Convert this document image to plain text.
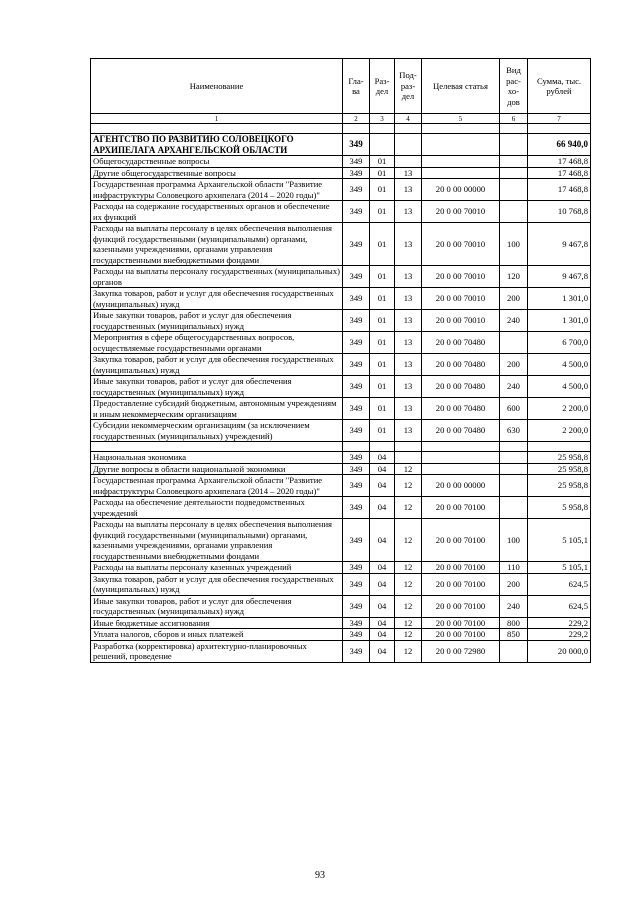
Наименование	Гла-ва	Раз-дел	Под-раз-дел	Целевая статья	Вид рас-хо-дов	Сумма, тыс. рублей
1	2	3	4	5	6	7

АГЕНТСТВО ПО РАЗВИТИЮ СОЛОВЕЦКОГО АРХИПЕЛАГА АРХАНГЕЛЬСКОЙ ОБЛАСТИ	349					66 940,0
Общегосударственные вопросы	349	01				17 468,8
Другие общегосударственные вопросы	349	01	13			17 468,8
Государственная программа Архангельской области "Развитие инфраструктуры Соловецкого архипелага (2014 – 2020 годы)"	349	01	13	20 0 00 00000		17 468,8
Расходы на содержание государственных органов и обеспечение их функций	349	01	13	20 0 00 70010		10 768,8
Расходы на выплаты персоналу в целях обеспечения выполнения функций государственными (муниципальными) органами, казенными учреждениями, органами управления государственными внебюджетными фондами	349	01	13	20 0 00 70010	100	9 467,8
Расходы на выплаты персоналу государственных (муниципальных) органов	349	01	13	20 0 00 70010	120	9 467,8
Закупка товаров, работ и услуг для обеспечения государственных (муниципальных) нужд	349	01	13	20 0 00 70010	200	1 301,0
Иные закупки товаров, работ и услуг для обеспечения государственных (муниципальных) нужд	349	01	13	20 0 00 70010	240	1 301,0
Мероприятия в сфере общегосударственных вопросов, осуществляемые государственными органами	349	01	13	20 0 00 70480		6 700,0
Закупка товаров, работ и услуг для обеспечения государственных (муниципальных) нужд	349	01	13	20 0 00 70480	200	4 500,0
Иные закупки товаров, работ и услуг для обеспечения государственных (муниципальных) нужд	349	01	13	20 0 00 70480	240	4 500,0
Предоставление субсидий бюджетным, автономным учреждениям и иным некоммерческим организациям	349	01	13	20 0 00 70480	600	2 200,0
Субсидии некоммерческим организациям (за исключением государственных (муниципальных) учреждений)	349	01	13	20 0 00 70480	630	2 200,0

Национальная экономика	349	04				25 958,8
Другие вопросы в области национальной экономики	349	04	12			25 958,8
Государственная программа Архангельской области "Развитие инфраструктуры Соловецкого архипелага (2014 – 2020 годы)"	349	04	12	20 0 00 00000		25 958,8
Расходы на обеспечение деятельности подведомственных учреждений	349	04	12	20 0 00 70100		5 958,8
Расходы на выплаты персоналу в целях обеспечения выполнения функций государственными (муниципальными) органами, казенными учреждениями, органами управления государственными внебюджетными фондами	349	04	12	20 0 00 70100	100	5 105,1
Расходы на выплаты персоналу казенных учреждений	349	04	12	20 0 00 70100	110	5 105,1
Закупка товаров, работ и услуг для обеспечения государственных (муниципальных) нужд	349	04	12	20 0 00 70100	200	624,5
Иные закупки товаров, работ и услуг для обеспечения государственных (муниципальных) нужд	349	04	12	20 0 00 70100	240	624,5
Иные бюджетные ассигнования	349	04	12	20 0 00 70100	800	229,2
Уплата налогов, сборов и иных платежей	349	04	12	20 0 00 70100	850	229,2
Разработка (корректировка) архитектурно-планировочных решений, проведение	349	04	12	20 0 00 72980		20 000,0
93
